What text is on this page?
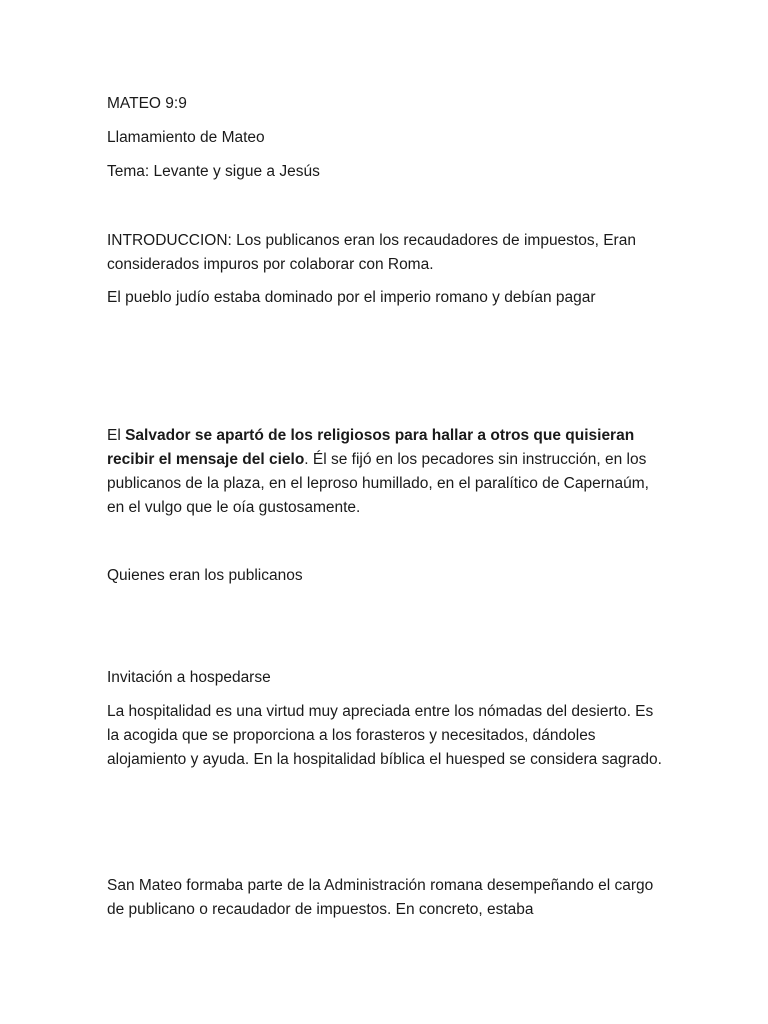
MATEO 9:9

Llamamiento de Mateo

Tema: Levante y sigue a Jesús

INTRODUCCION: Los publicanos eran los recaudadores de impuestos, Eran considerados impuros por colaborar con Roma.

El pueblo judío estaba dominado por el imperio romano y debían pagar

El Salvador se apartó de los religiosos para hallar a otros que quisieran recibir el mensaje del cielo. Él se fijó en los pecadores sin instrucción, en los publicanos de la plaza, en el leproso humillado, en el paralítico de Capernaúm, en el vulgo que le oía gustosamente.

Quienes eran los publicanos

Invitación a hospedarse

La hospitalidad es una virtud muy apreciada entre los nómadas del desierto. Es la acogida que se proporciona a los forasteros y necesitados, dándoles alojamiento y ayuda. En la hospitalidad bíblica el huesped se considera sagrado.

San Mateo formaba parte de la Administración romana desempeñando el cargo de publicano o recaudador de impuestos. En concreto, estaba
